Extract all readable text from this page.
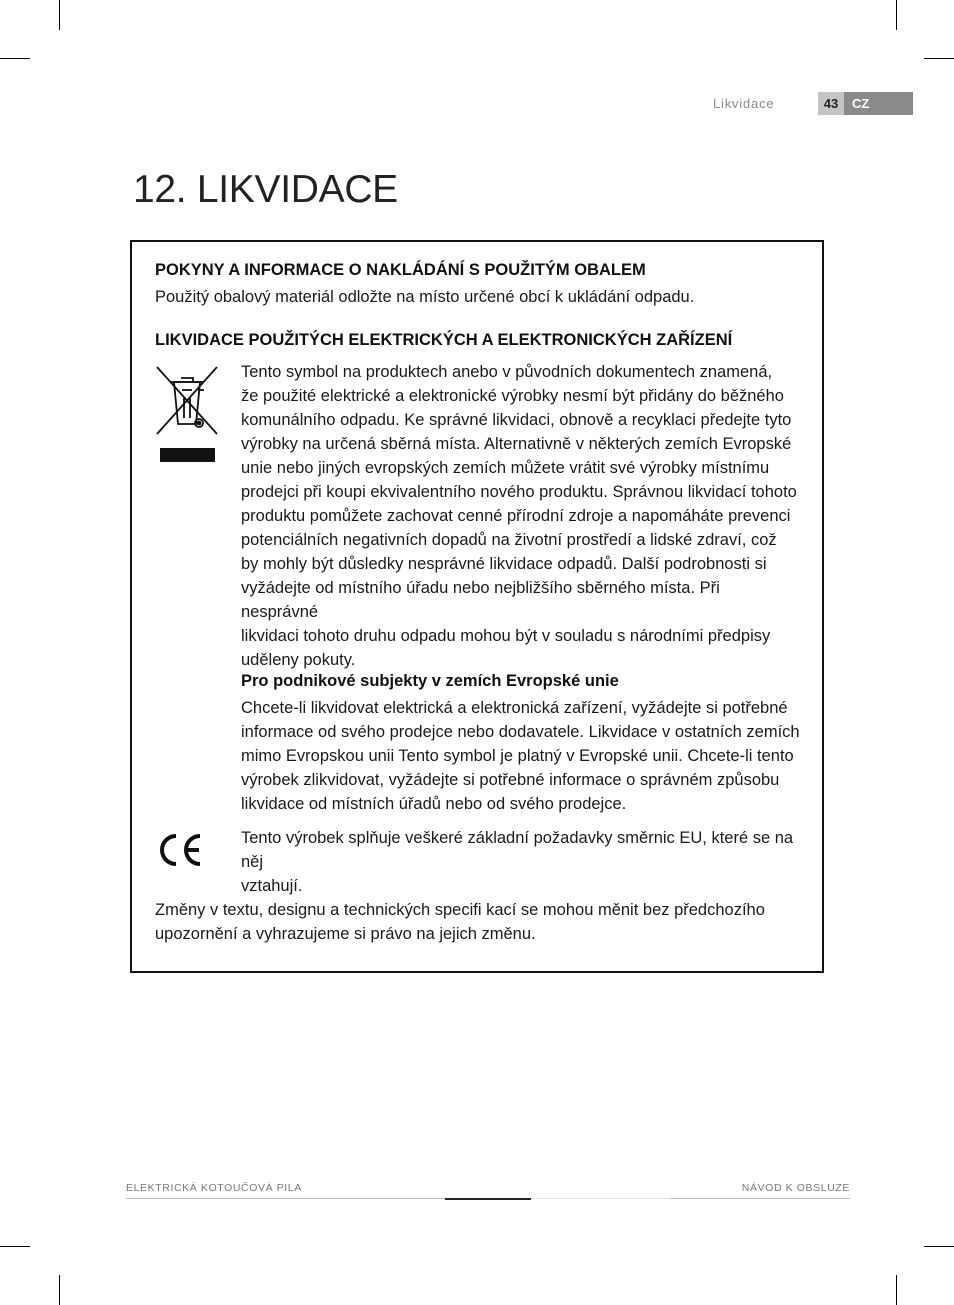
Likvidace	43	CZ
12. LIKVIDACE
POKYNY A INFORMACE O NAKLÁDÁNÍ S POUŽITÝM OBALEM

Použitý obalový materiál odložte na místo určené obcí k ukládání odpadu.

LIKVIDACE POUŽITÝCH ELEKTRICKÝCH A ELEKTRONICKÝCH ZAŘÍZENÍ
Tento symbol na produktech anebo v původních dokumentech znamená,
že použité elektrické a elektronické výrobky nesmí být přidány do běžného
komunálního odpadu. Ke správné likvidaci, obnově a recyklaci předejte tyto
výrobky na určená sběrná místa. Alternativně v některých zemích Evropské
unie nebo jiných evropských zemích můžete vrátit své výrobky místnímu
prodejci při koupi ekvivalentního nového produktu. Správnou likvidací tohoto
produktu pomůžete zachovat cenné přírodní zdroje a napomáháte prevenci
potenciálních negativních dopadů na životní prostředí a lidské zdraví, což
by mohly být důsledky nesprávné likvidace odpadů. Další podrobnosti si
vyžádejte od místního úřadu nebo nejbližšího sběrného místa. Při nesprávné
likvidaci tohoto druhu odpadu mohou být v souladu s národními předpisy
uděleny pokuty.
Pro podnikové subjekty v zemích Evropské unie
Chcete-li likvidovat elektrická a elektronická zařízení, vyžádejte si potřebné
informace od svého prodejce nebo dodavatele. Likvidace v ostatních zemích
mimo Evropskou unii Tento symbol je platný v Evropské unii. Chcete-li tento
výrobek zlikvidovat, vyžádejte si potřebné informace o správném způsobu
likvidace od místních úřadů nebo od svého prodejce.
Tento výrobek splňuje veškeré základní požadavky směrnic EU, které se na něj
vztahují.
Změny v textu, designu a technických specifi kací se mohou měnit bez předchozího
upozornění a vyhrazujeme si právo na jejich změnu.
ELEKTRICKÁ KOTOUČOVÁ PILA	NÁVOD K OBSLUZE
